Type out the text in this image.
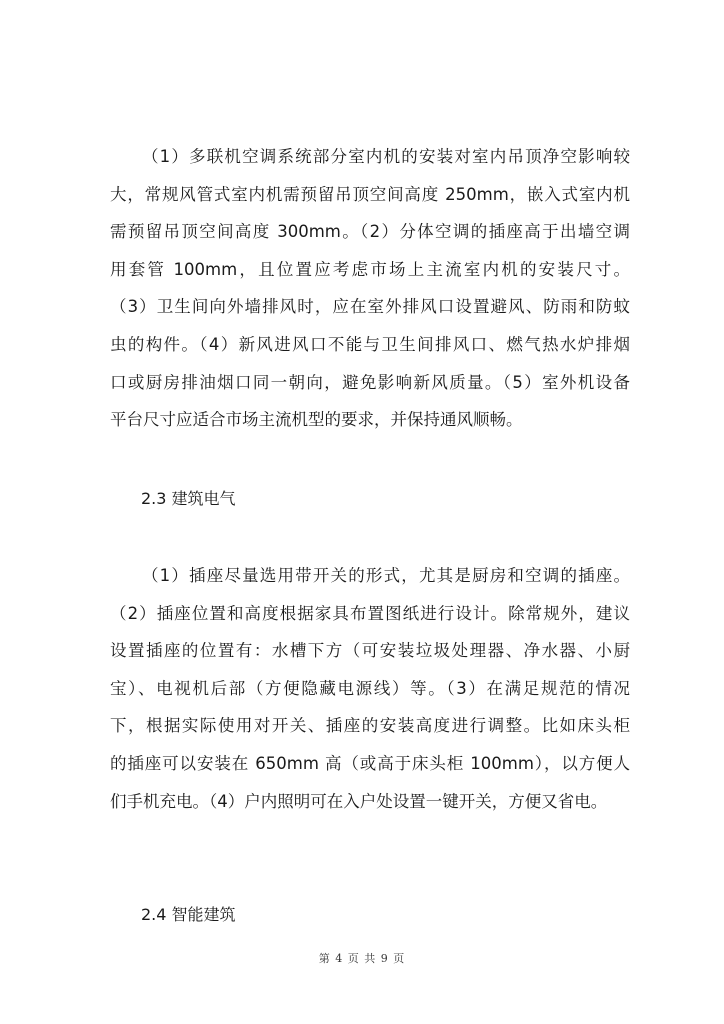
（1）多联机空调系统部分室内机的安装对室内吊顶净空影响较
大，常规风管式室内机需预留吊顶空间高度 250mm，嵌入式室内机
需预留吊顶空间高度 300mm。（2）分体空调的插座高于出墙空调
用套管 100mm，且位置应考虑市场上主流室内机的安装尺寸。
（3）卫生间向外墙排风时，应在室外排风口设置避风、防雨和防蚊
虫的构件。（4）新风进风口不能与卫生间排风口、燃气热水炉排烟
口或厨房排油烟口同一朝向，避免影响新风质量。（5）室外机设备
平台尺寸应适合市场主流机型的要求，并保持通风顺畅。
2.3 建筑电气
（1）插座尽量选用带开关的形式，尤其是厨房和空调的插座。
（2）插座位置和高度根据家具布置图纸进行设计。除常规外，建议
设置插座的位置有：水槽下方（可安装垃圾处理器、净水器、小厨
宝）、电视机后部（方便隐藏电源线）等。（3）在满足规范的情况
下，根据实际使用对开关、插座的安装高度进行调整。比如床头柜
的插座可以安装在 650mm 高（或高于床头柜 100mm），以方便人
们手机充电。（4）户内照明可在入户处设置一键开关，方便又省电。
2.4 智能建筑
第 4 页 共 9 页
